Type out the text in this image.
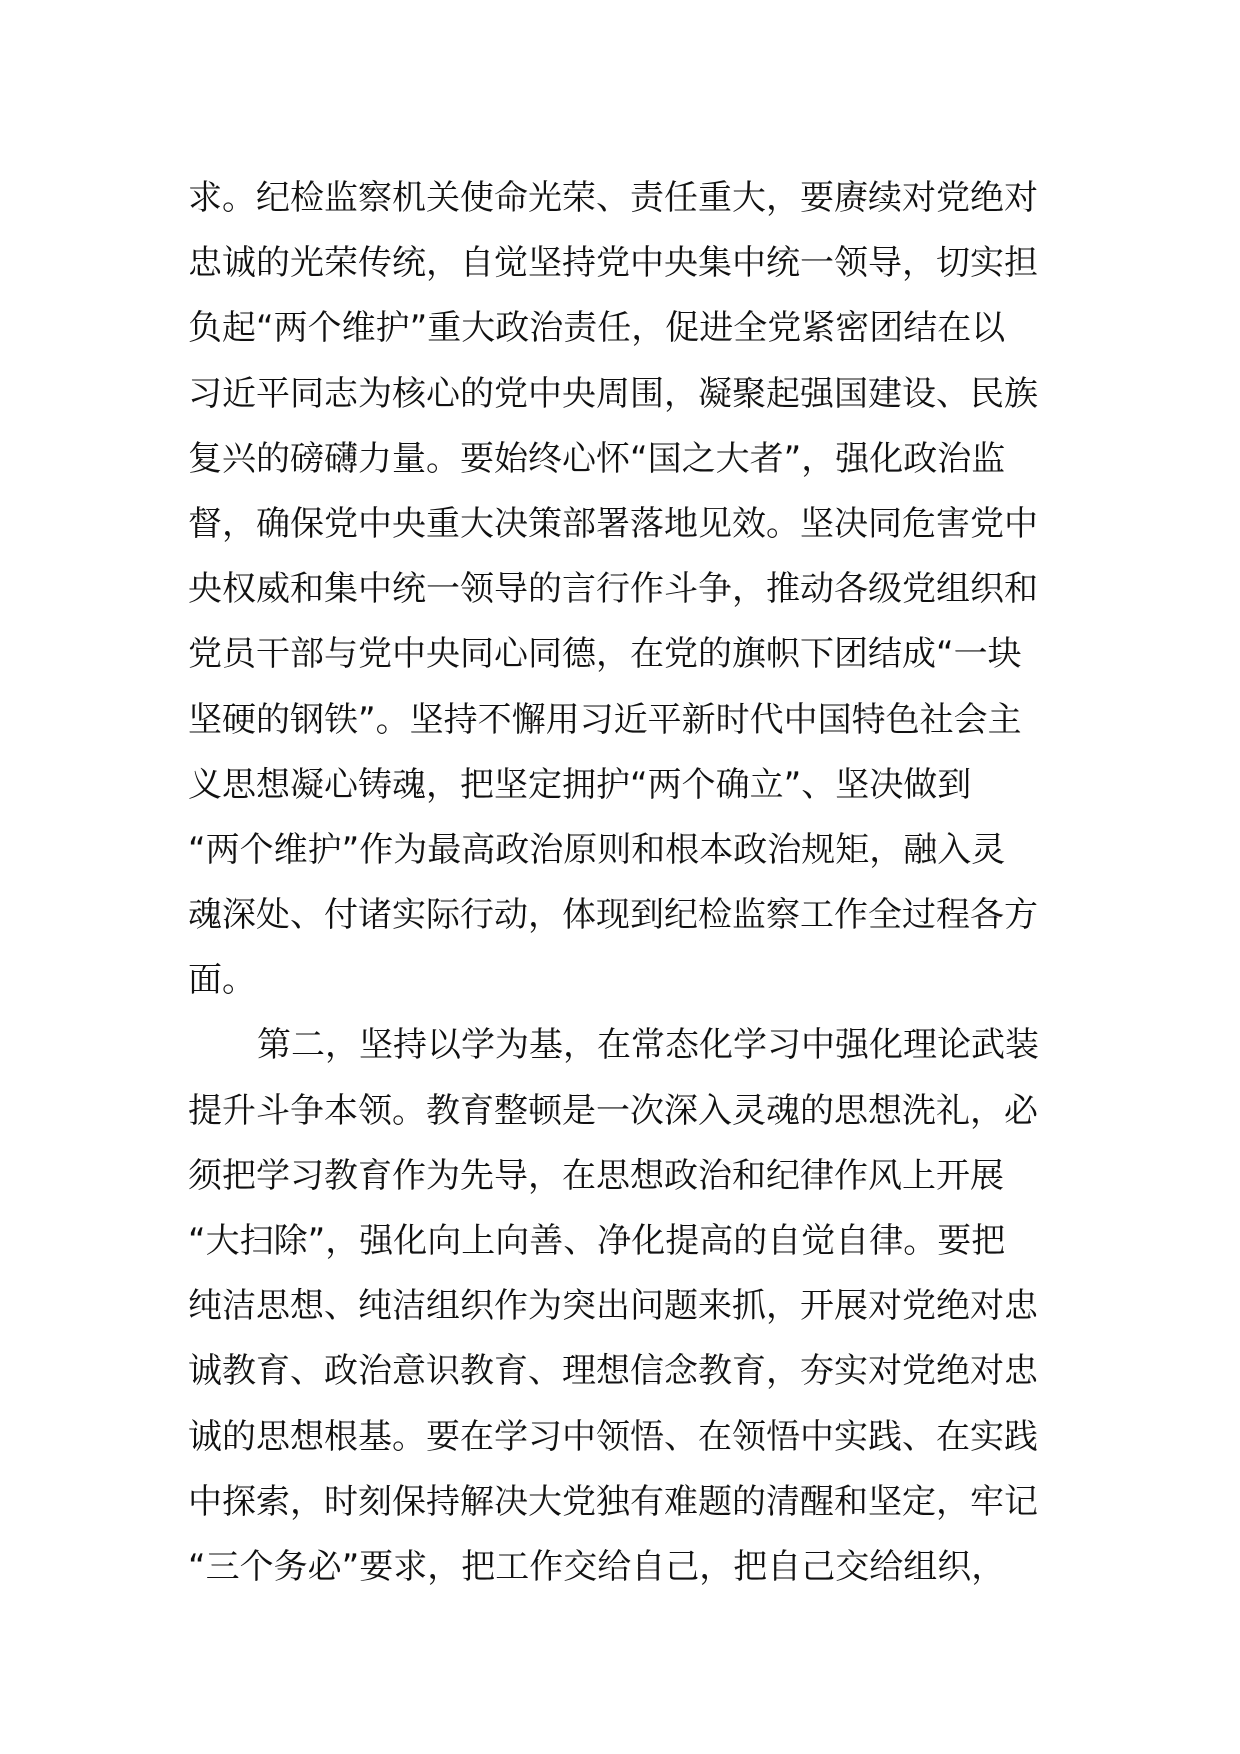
求。纪检监察机关使命光荣、责任重大，要赓续对党绝对
忠诚的光荣传统，自觉坚持党中央集中统一领导，切实担
负起“两个维护”重大政治责任，促进全党紧密团结在以
习近平同志为核心的党中央周围，凝聚起强国建设、民族
复兴的磅礴力量。要始终心怀“国之大者”，强化政治监
督，确保党中央重大决策部署落地见效。坚决同危害党中
央权威和集中统一领导的言行作斗争，推动各级党组织和
党员干部与党中央同心同德，在党的旗帜下团结成“一块
坚硬的钢铁”。坚持不懈用习近平新时代中国特色社会主
义思想凝心铸魂，把坚定拥护“两个确立”、坚决做到
“两个维护”作为最高政治原则和根本政治规矩，融入灵
魂深处、付诸实际行动，体现到纪检监察工作全过程各方
面。
第二，坚持以学为基，在常态化学习中强化理论武装
提升斗争本领。教育整顿是一次深入灵魂的思想洗礼，必
须把学习教育作为先导，在思想政治和纪律作风上开展
“大扫除”，强化向上向善、净化提高的自觉自律。要把
纯洁思想、纯洁组织作为突出问题来抓，开展对党绝对忠
诚教育、政治意识教育、理想信念教育，夯实对党绝对忠
诚的思想根基。要在学习中领悟、在领悟中实践、在实践
中探索，时刻保持解决大党独有难题的清醒和坚定，牢记
“三个务必”要求，把工作交给自己，把自己交给组织，
